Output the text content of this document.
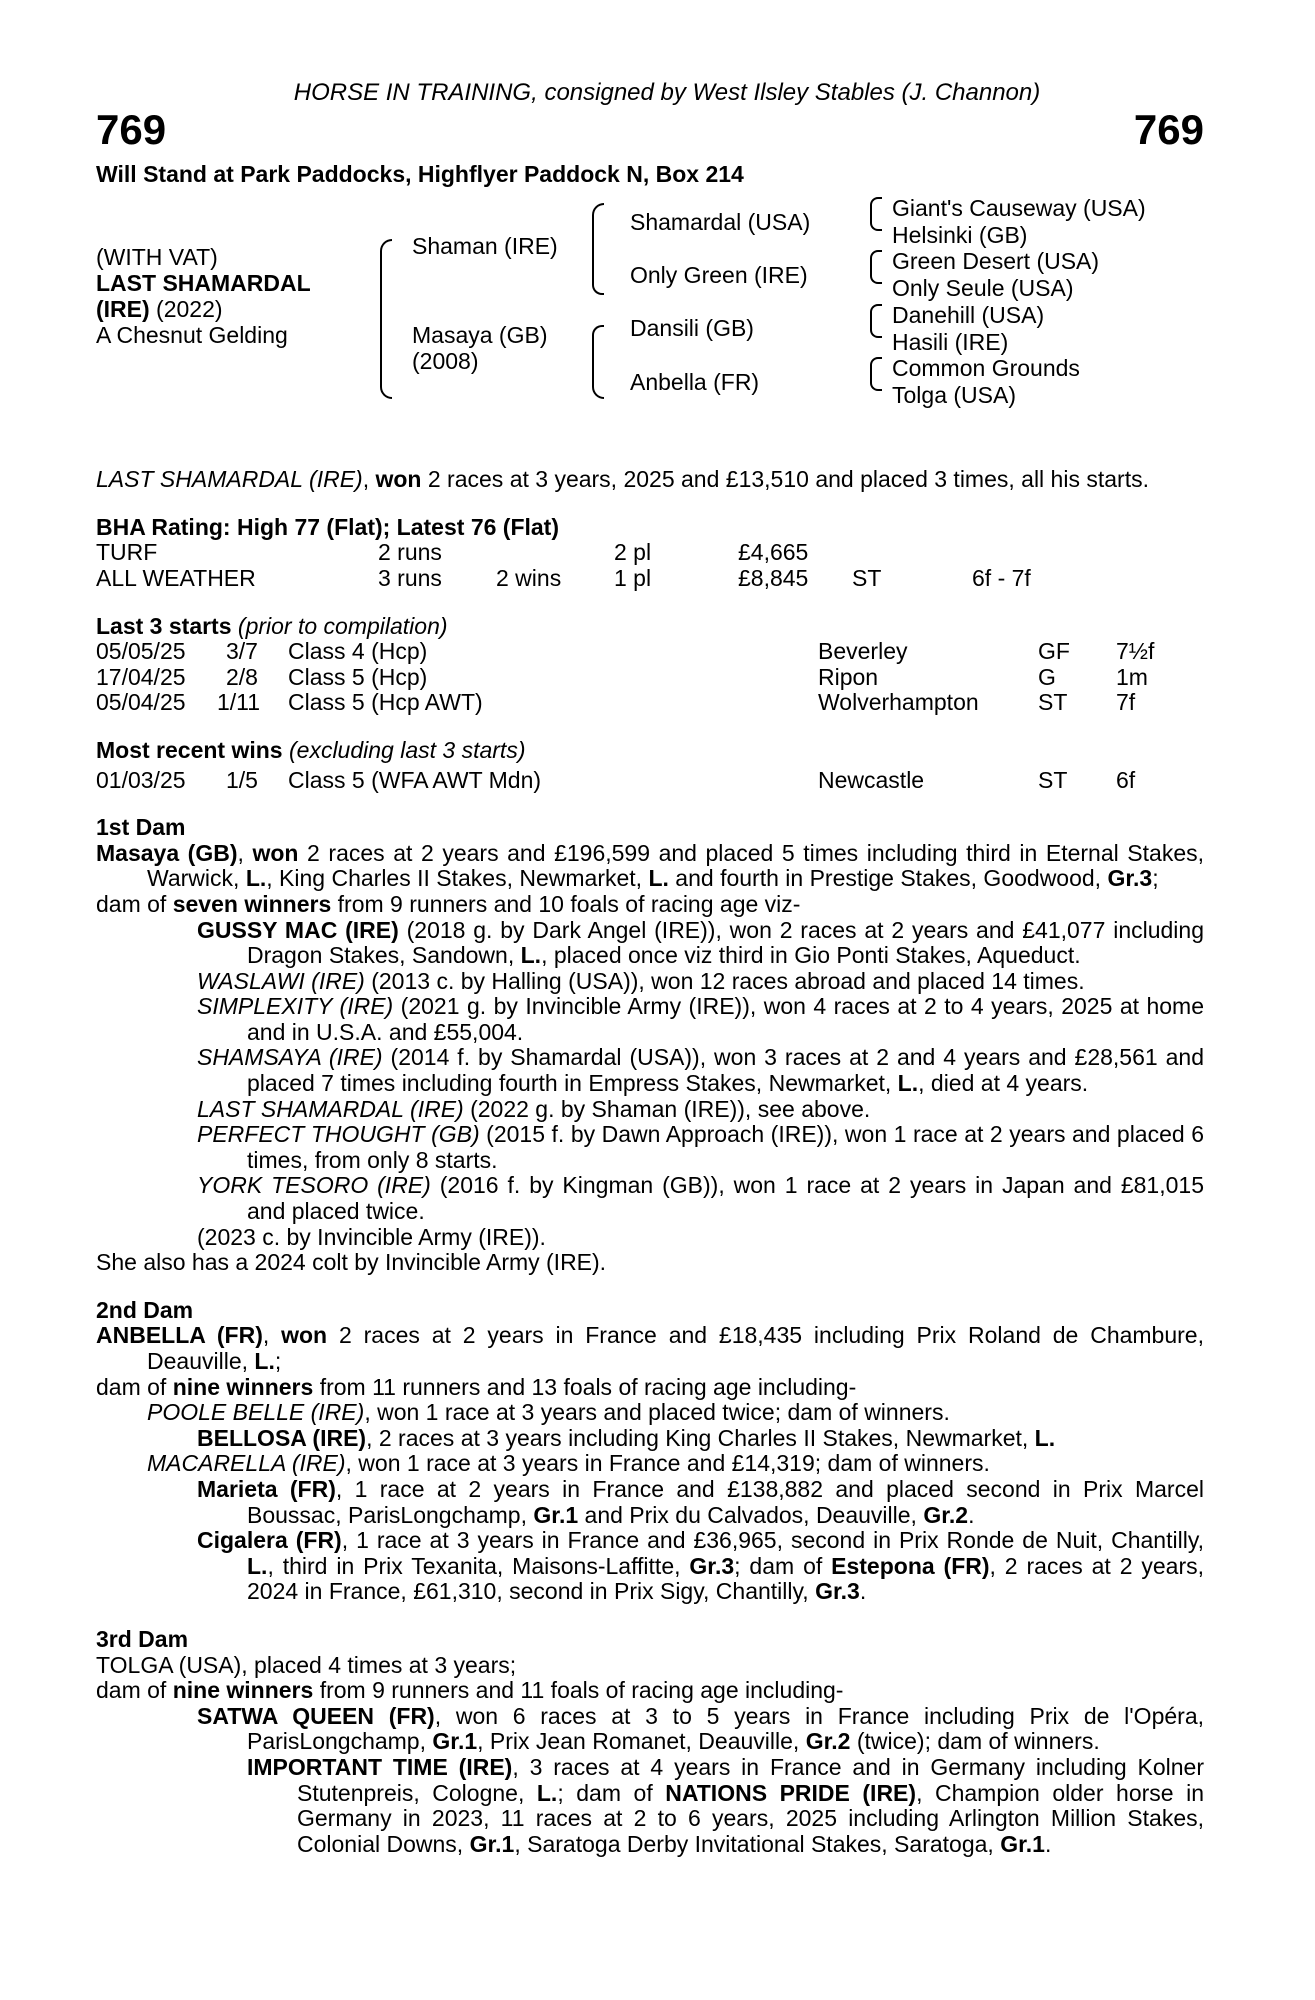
HORSE IN TRAINING, consigned by West Ilsley Stables (J. Channon)
769	769
Will Stand at Park Paddocks, Highflyer Paddock N, Box 214
(WITH VAT)
LAST SHAMARDAL
(IRE) (2022)
A Chesnut Gelding
Shaman (IRE)
Masaya (GB)
(2008)
Shamardal (USA)
Only Green (IRE)
Dansili (GB)
Anbella (FR)
Giant's Causeway (USA)
Helsinki (GB)
Green Desert (USA)
Only Seule (USA)
Danehill (USA)
Hasili (IRE)
Common Grounds
Tolga (USA)
LAST SHAMARDAL (IRE), won 2 races at 3 years, 2025 and £13,510 and placed 3 times, all his starts.
BHA Rating: High 77 (Flat); Latest 76 (Flat)
TURF	2 runs	2 pl	£4,665
ALL WEATHER	3 runs 2 wins 1 pl	£8,845 ST	6f - 7f
Last 3 starts (prior to compilation)
05/05/25 3/7 Class 4 (Hcp)	Beverley	GF 7½f
17/04/25 2/8 Class 5 (Hcp)	Ripon	G	1m
05/04/25 1/11 Class 5 (Hcp AWT)	Wolverhampton	ST 7f
Most recent wins (excluding last 3 starts)
01/03/25 1/5 Class 5 (WFA AWT Mdn)	Newcastle	ST 6f
1st Dam
Masaya (GB), won 2 races at 2 years and £196,599 and placed 5 times including third in Eternal Stakes, Warwick, L., King Charles II Stakes, Newmarket, L. and fourth in Prestige Stakes, Goodwood, Gr.3;
dam of seven winners from 9 runners and 10 foals of racing age viz-
GUSSY MAC (IRE) (2018 g. by Dark Angel (IRE)), won 2 races at 2 years and £41,077 including Dragon Stakes, Sandown, L., placed once viz third in Gio Ponti Stakes, Aqueduct.
WASLAWI (IRE) (2013 c. by Halling (USA)), won 12 races abroad and placed 14 times.
SIMPLEXITY (IRE) (2021 g. by Invincible Army (IRE)), won 4 races at 2 to 4 years, 2025 at home and in U.S.A. and £55,004.
SHAMSAYA (IRE) (2014 f. by Shamardal (USA)), won 3 races at 2 and 4 years and £28,561 and placed 7 times including fourth in Empress Stakes, Newmarket, L., died at 4 years.
LAST SHAMARDAL (IRE) (2022 g. by Shaman (IRE)), see above.
PERFECT THOUGHT (GB) (2015 f. by Dawn Approach (IRE)), won 1 race at 2 years and placed 6 times, from only 8 starts.
YORK TESORO (IRE) (2016 f. by Kingman (GB)), won 1 race at 2 years in Japan and £81,015 and placed twice.
(2023 c. by Invincible Army (IRE)).
She also has a 2024 colt by Invincible Army (IRE).
2nd Dam
ANBELLA (FR), won 2 races at 2 years in France and £18,435 including Prix Roland de Chambure, Deauville, L.;
dam of nine winners from 11 runners and 13 foals of racing age including-
POOLE BELLE (IRE), won 1 race at 3 years and placed twice; dam of winners.
BELLOSA (IRE), 2 races at 3 years including King Charles II Stakes, Newmarket, L.
MACARELLA (IRE), won 1 race at 3 years in France and £14,319; dam of winners.
Marieta (FR), 1 race at 2 years in France and £138,882 and placed second in Prix Marcel Boussac, ParisLongchamp, Gr.1 and Prix du Calvados, Deauville, Gr.2.
Cigalera (FR), 1 race at 3 years in France and £36,965, second in Prix Ronde de Nuit, Chantilly, L., third in Prix Texanita, Maisons-Laffitte, Gr.3; dam of Estepona (FR), 2 races at 2 years, 2024 in France, £61,310, second in Prix Sigy, Chantilly, Gr.3.
3rd Dam
TOLGA (USA), placed 4 times at 3 years;
dam of nine winners from 9 runners and 11 foals of racing age including-
SATWA QUEEN (FR), won 6 races at 3 to 5 years in France including Prix de l'Opéra, ParisLongchamp, Gr.1, Prix Jean Romanet, Deauville, Gr.2 (twice); dam of winners.
IMPORTANT TIME (IRE), 3 races at 4 years in France and in Germany including Kolner Stutenpreis, Cologne, L.; dam of NATIONS PRIDE (IRE), Champion older horse in Germany in 2023, 11 races at 2 to 6 years, 2025 including Arlington Million Stakes, Colonial Downs, Gr.1, Saratoga Derby Invitational Stakes, Saratoga, Gr.1.
